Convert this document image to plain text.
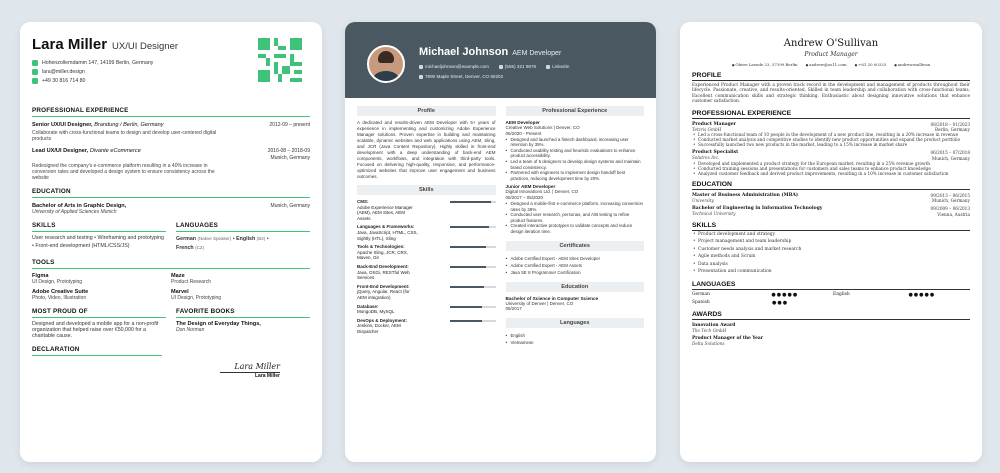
Lara Miller UX/UI Designer
Hohenzollerndamm 147, 14199 Berlin, Germany
lara@miller.design
+49 30 816 714 80
PROFESSIONAL EXPERIENCE
Senior UX/UI Designer, Brandung / Berlin, Germany	2012-09 – present
Collaborate with cross-functional teams to design and develop user-centered digital products
Lead UX/UI Designer, Divante eCommerce	2016-08 – 2018-09
Munich, Germany
Redesigned the company's e-commerce platform resulting in a 40% increase in conversion rates and developed a design system to ensure consistency across the website
EDUCATION
Bachelor of Arts in Graphic Design,
University of Applied Sciences Munich
Munich, Germany
SKILLS
User research and testing • Wireframing and prototyping • Front-end development (HTML/CSS/JS)
LANGUAGES
German (Native Speaker) • English (B2) •
French (C2)
TOOLS
Figma
UI Design, Prototyping
Maze
Product Research
Adobe Creative Suite
Photo, Video, Illustration
Marvel
UI Design, Prototyping
MOST PROUD OF
Designed and developed a mobile app for a non-profit organization that helped raise over €50,000 for a charitable cause.
FAVORITE BOOKS
The Design of Everyday Things,
Don Norman
DECLARATION
Lara Miller
Lara Miller
Michael Johnson AEM Developer
michaeljohnson@example.com	(555) 321 9876	LinkedIn
7890 Maple Street, Denver, CO 80202
Profile
A dedicated and results-driven AEM Developer with 5+ years of experience in implementing and customizing Adobe Experience Manager solutions. Proven expertise in building and maintaining scalable, dynamic websites and web applications using AEM, Sling, and JCR (Java Content Repository). Highly skilled in front-end development with a deep understanding of back-end AEM components, workflows, and integration with third-party tools. Focused on delivering high-quality, responsive, and performance-optimized websites that improve user engagement and business outcomes.
Skills
CMS:
Adobe Experience Manager (AEM), AEM Sites, AEM Assets
Languages & Frameworks:
Java, JavaScript, HTML, CSS, Sightly (HTL), Sling
Tools & Technologies:
Apache Sling, JCR, CRX, Maven, Git
Back-End Development:
Java, OSGi, RESTful Web Services
Front-End Development:
jQuery, Angular, React (for AEM integration)
Database:
MongoDB, MySQL
DevOps & Deployment:
Jenkins, Docker, AEM Dispatcher
Professional Experience
AEM Developer
Creative Web Solutions | Denver, CO
06/2020 - Present
• Designed and launched a fintech dashboard, increasing user retention by 35%.
• Conducted usability testing and heuristic evaluations to enhance product accessibility.
• Led a team of 5 designers to develop design systems and maintain brand consistency.
• Partnered with engineers to implement design handoff best practices, reducing development time by 20%.
Junior AEM Developer
Digital Innovations Ltd. | Denver, CO
05/2017 – 05/2020
• Designed a mobile-first e-commerce platform, increasing conversion rates by 28%.
• Conducted user research, personas, and A/B testing to refine product features.
• Created interactive prototypes to validate concepts and reduce design iteration time.
Certificates
• Adobe Certified Expert - AEM Sites Developer
• Adobe Certified Expert - AEM Assets
• Java SE 8 Programmer Certification
Education
Bachelor of Science in Computer Science
University of Denver | Denver, CO
05/2017
Languages
• English
• Vietnamese
Andrew O'Sullivan
Product Manager
● Obere Laende 23, 57399 Berlin	● andrew@os11.com	● +61 20 00333	● andrewosullivan
PROFILE
Experienced Product Manager with a proven track record in the development and management of products throughout their lifecycle. Passionate, creative, and results-oriented. Skilled in team leadership and collaboration with cross-functional teams. Excellent communication skills and strategic thinking. Enthusiastic about designing innovative solutions that enhance customer satisfaction.
PROFESSIONAL EXPERIENCE
Product Manager
Tetzris GmbH
08/2018 – 01/2023
Berlin, Germany
• Led a cross-functional team of 10 people in the development of a new product line, resulting in a 20% increase in revenue
• Conducted market analysis and competitive studies to identify new product opportunities and expand the product portfolio
• Successfully launched two new products in the market, leading to a 15% increase in market share
Product Specialist
Solutrex Inc.
06/2015 – 07/2018
Munich, Germany
• Developed and implemented a product strategy for the European market, resulting in a 25% revenue growth
• Conducted training sessions and presentations for customers and sales teams to enhance product knowledge
• Analyzed customer feedback and derived product improvements, resulting in a 10% increase in customer satisfaction
EDUCATION
Master of Business Administration (MBA)
University
09/2013 – 06/2015
Munich, Germany
Bachelor of Engineering in Information Technology
Technical University
09/2009 – 06/2013
Vienna, Austria
SKILLS
• Product development and strategy
• Project management and team leadership
• Customer needs analysis and market research
• Agile methods and Scrum
• Data analysis
• Presentation and communication
LANGUAGES
German	●●●●●	English	●●●●●
Spanish	●●●
AWARDS
Innovation Award
The Tech GmbH
Product Manager of the Year
Delta Solutions
